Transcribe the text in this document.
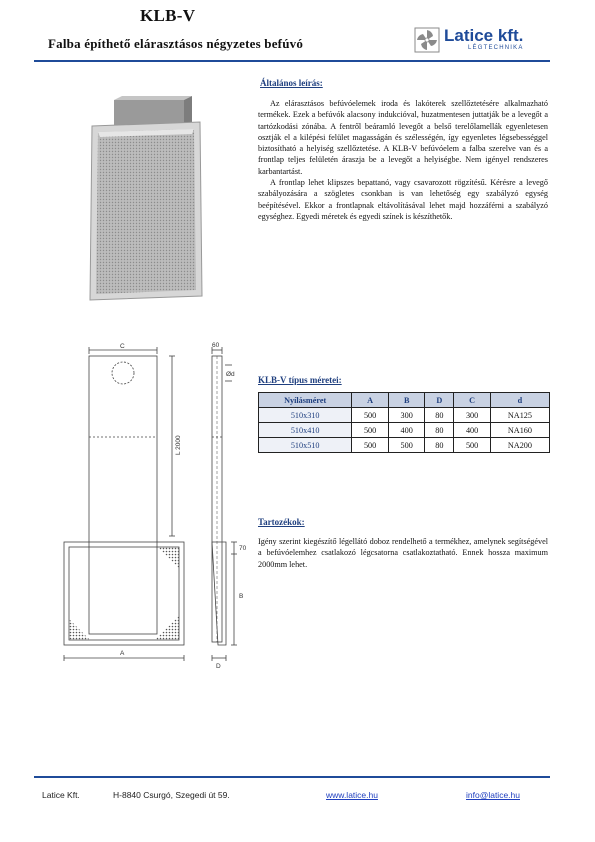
KLB-V
Falba építhető elárasztásos négyzetes befúvó	Latice kft.
LÉGTECHNIKA
Általános leírás:

Az elárasztásos befúvóelemek iroda és lakóterek szellőztetésére alkalmazható termékek. Ezek a befúvók alacsony indukcióval, huzatmentesen juttatják be a levegőt a tartózkodási zónába. A fentről beáramló levegőt a belső terelőlamellák egyenletesen osztják el a kilépési felület magasságán és szélességén, így egyenletes légsebességgel biztosítható a helyiség szellőztetése. A KLB-V befúvóelem a falba szerelve van és a frontlap teljes felületén áraszja be a levegőt a helyiségbe. Nem igényel rendszeres karbantartást.

A frontlap lehet klipszes bepattanó, vagy csavarozott rögzítésű. Kérésre a levegő szabályozására a szögletes csonkban is van lehetőség egy szabályzó egység beépítésével. Ekkor a frontlapnak eltávolításával lehet majd hozzáférni a szabályzó egységhez. Egyedi méretek és egyedi színek is készíthetők.

C	60
Ød
L 2000
70
B
A
D
KLB-V típus méretei:
Nyílásméret	A	B	D	C	d
510x310	500	300	80	300	NA125
510x410	500	400	80	400	NA160
510x510	500	500	80	500	NA200
Tartozékok:
Igény szerint kiegészítő légellátó doboz rendelhető a termékhez, amelynek segítségével a befúvóelemhez csatlakozó légcsatorna csatlakoztatható. Ennek hossza maximum 2000mm lehet.
Latice Kft.	H-8840 Csurgó, Szegedi út 59.	www.latice.hu	info@latice.hu
